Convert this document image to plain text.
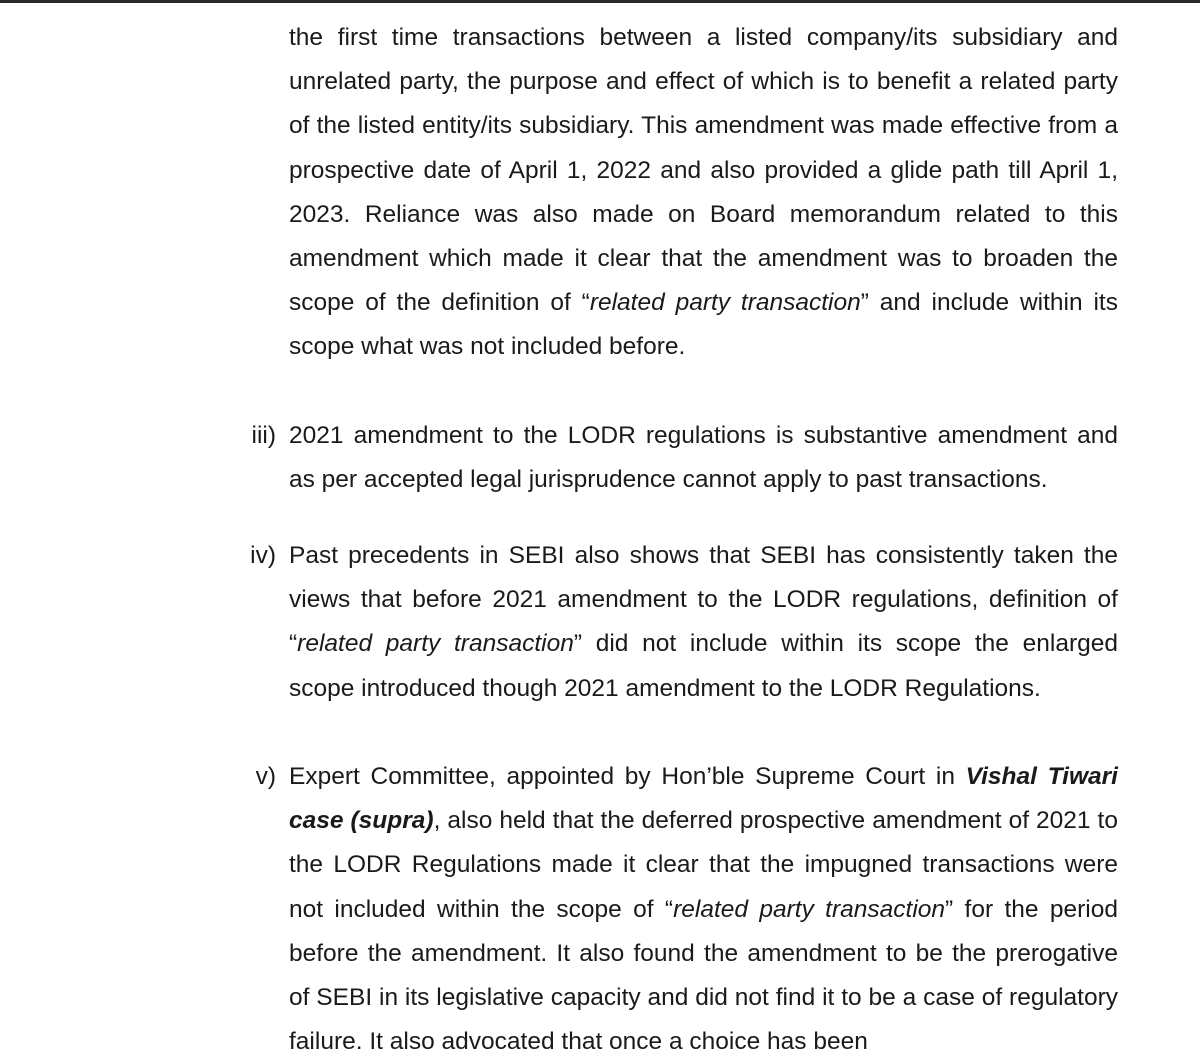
the first time transactions between a listed company/its subsidiary and unrelated party, the purpose and effect of which is to benefit a related party of the listed entity/its subsidiary. This amendment was made effective from a prospective date of April 1, 2022 and also provided a glide path till April 1, 2023. Reliance was also made on Board memorandum related to this amendment which made it clear that the amendment was to broaden the scope of the definition of “related party transaction” and include within its scope what was not included before.

iii) 2021 amendment to the LODR regulations is substantive amendment and as per accepted legal jurisprudence cannot apply to past transactions.

iv) Past precedents in SEBI also shows that SEBI has consistently taken the views that before 2021 amendment to the LODR regulations, definition of “related party transaction” did not include within its scope the enlarged scope introduced though 2021 amendment to the LODR Regulations.

v) Expert Committee, appointed by Hon’ble Supreme Court in Vishal Tiwari case (supra), also held that the deferred prospective amendment of 2021 to the LODR Regulations made it clear that the impugned transactions were not included within the scope of “related party transaction” for the period before the amendment. It also found the amendment to be the prerogative of SEBI in its legislative capacity and did not find it to be a case of regulatory failure. It also advocated that once a choice has been
